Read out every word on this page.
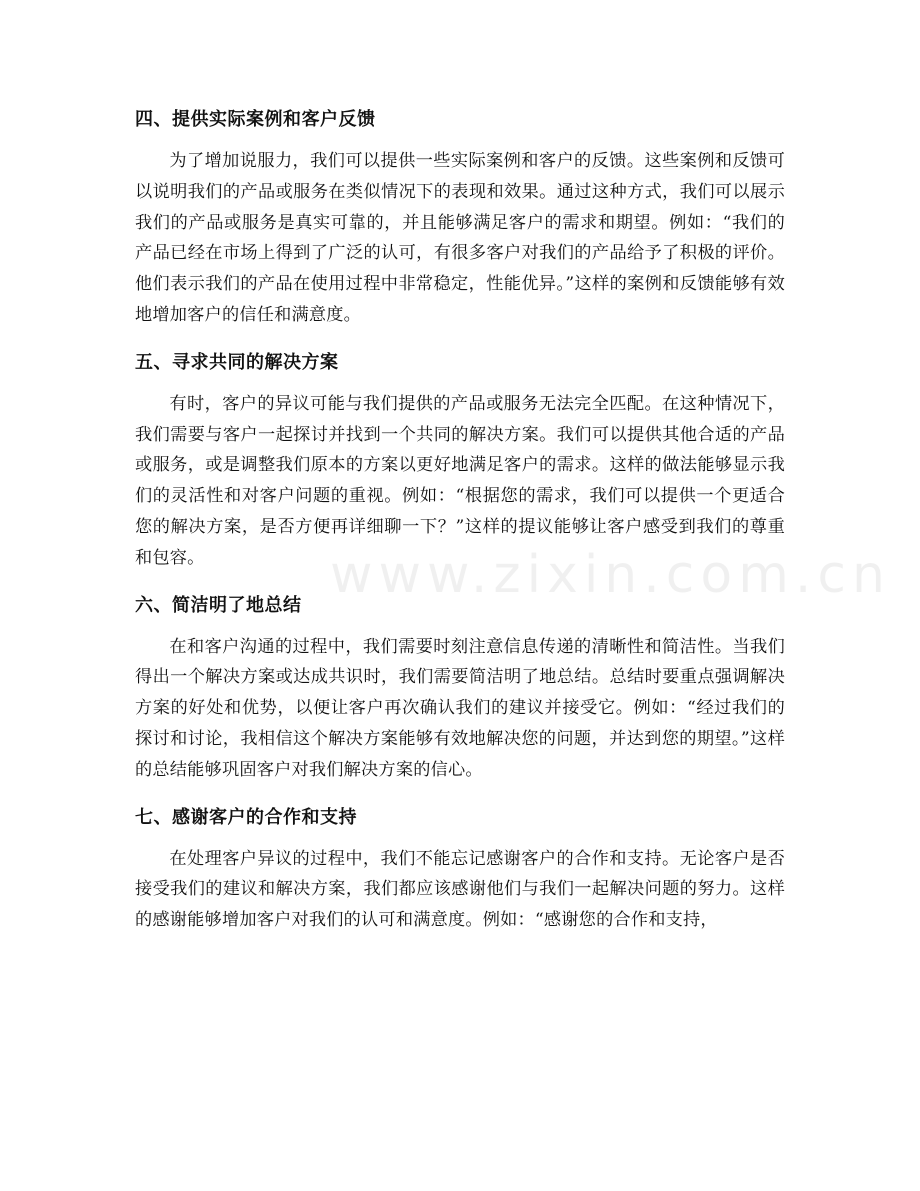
四、提供实际案例和客户反馈

为了增加说服力，我们可以提供一些实际案例和客户的反馈。这些案例和反馈可以说明我们的产品或服务在类似情况下的表现和效果。通过这种方式，我们可以展示我们的产品或服务是真实可靠的，并且能够满足客户的需求和期望。例如：“我们的产品已经在市场上得到了广泛的认可，有很多客户对我们的产品给予了积极的评价。他们表示我们的产品在使用过程中非常稳定，性能优异。”这样的案例和反馈能够有效地增加客户的信任和满意度。

五、寻求共同的解决方案

有时，客户的异议可能与我们提供的产品或服务无法完全匹配。在这种情况下，我们需要与客户一起探讨并找到一个共同的解决方案。我们可以提供其他合适的产品或服务，或是调整我们原本的方案以更好地满足客户的需求。这样的做法能够显示我们的灵活性和对客户问题的重视。例如：“根据您的需求，我们可以提供一个更适合您的解决方案，是否方便再详细聊一下？”这样的提议能够让客户感受到我们的尊重和包容。

六、简洁明了地总结

在和客户沟通的过程中，我们需要时刻注意信息传递的清晰性和简洁性。当我们得出一个解决方案或达成共识时，我们需要简洁明了地总结。总结时要重点强调解决方案的好处和优势，以便让客户再次确认我们的建议并接受它。例如：“经过我们的探讨和讨论，我相信这个解决方案能够有效地解决您的问题，并达到您的期望。”这样的总结能够巩固客户对我们解决方案的信心。

七、感谢客户的合作和支持

在处理客户异议的过程中，我们不能忘记感谢客户的合作和支持。无论客户是否接受我们的建议和解决方案，我们都应该感谢他们与我们一起解决问题的努力。这样的感谢能够增加客户对我们的认可和满意度。例如：“感谢您的合作和支持，

www.zixin.com.cn
